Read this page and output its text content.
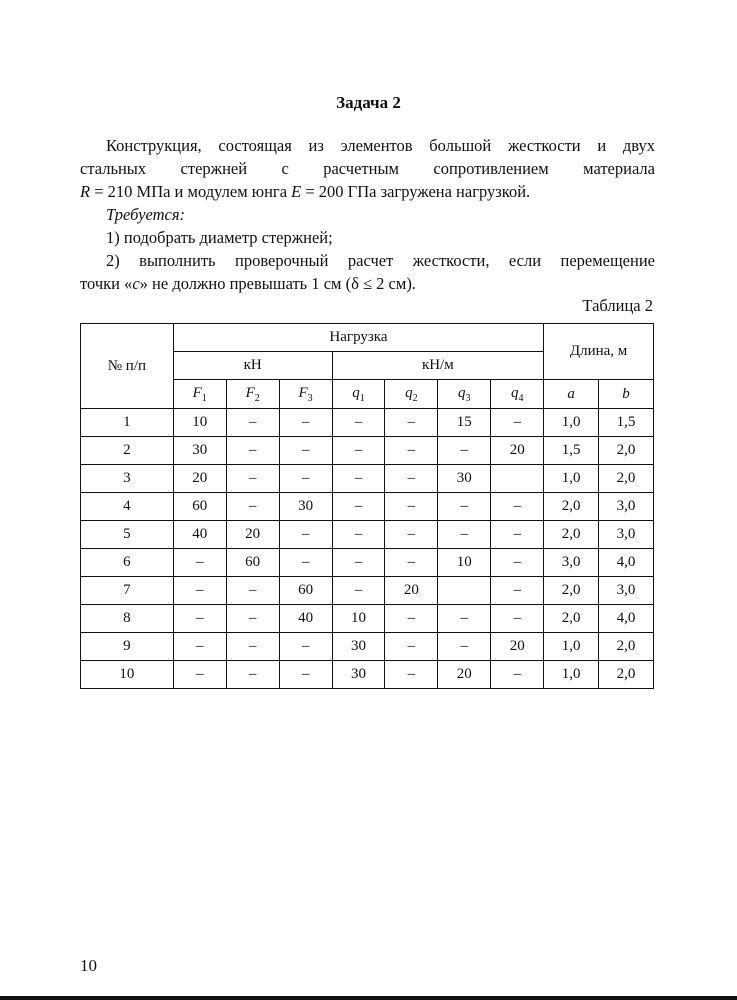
Задача 2
Конструкция, состоящая из элементов большой жесткости и двух
стальных стержней с расчетным сопротивлением материала
R = 210 МПа и модулем юнга E = 200 ГПа загружена нагрузкой.
Требуется:
1) подобрать диаметр стержней;
2) выполнить проверочный расчет жесткости, если перемещение
точки «c» не должно превышать 1 см (δ ≤ 2 см).
Таблица 2
№ п/п	Нагрузка							Длина, м	
	кН			кН/м					
	$F_1$	$F_2$	$F_3$	$q_1$	$q_2$	$q_3$	$q_4$	a	b
1	10	–	–	–	–	15	–	1,0	1,5
2	30	–	–	–	–	–	20	1,5	2,0
3	20	–	–	–	–	30		1,0	2,0
4	60	–	30	–	–	–	–	2,0	3,0
5	40	20	–	–	–	–	–	2,0	3,0
6	–	60	–	–	–	10	–	3,0	4,0
7	–	–	60	–	20		–	2,0	3,0
8	–	–	40	10	–	–	–	2,0	4,0
9	–	–	–	30	–	–	20	1,0	2,0
10	–	–	–	30	–	20	–	1,0	2,0
10
